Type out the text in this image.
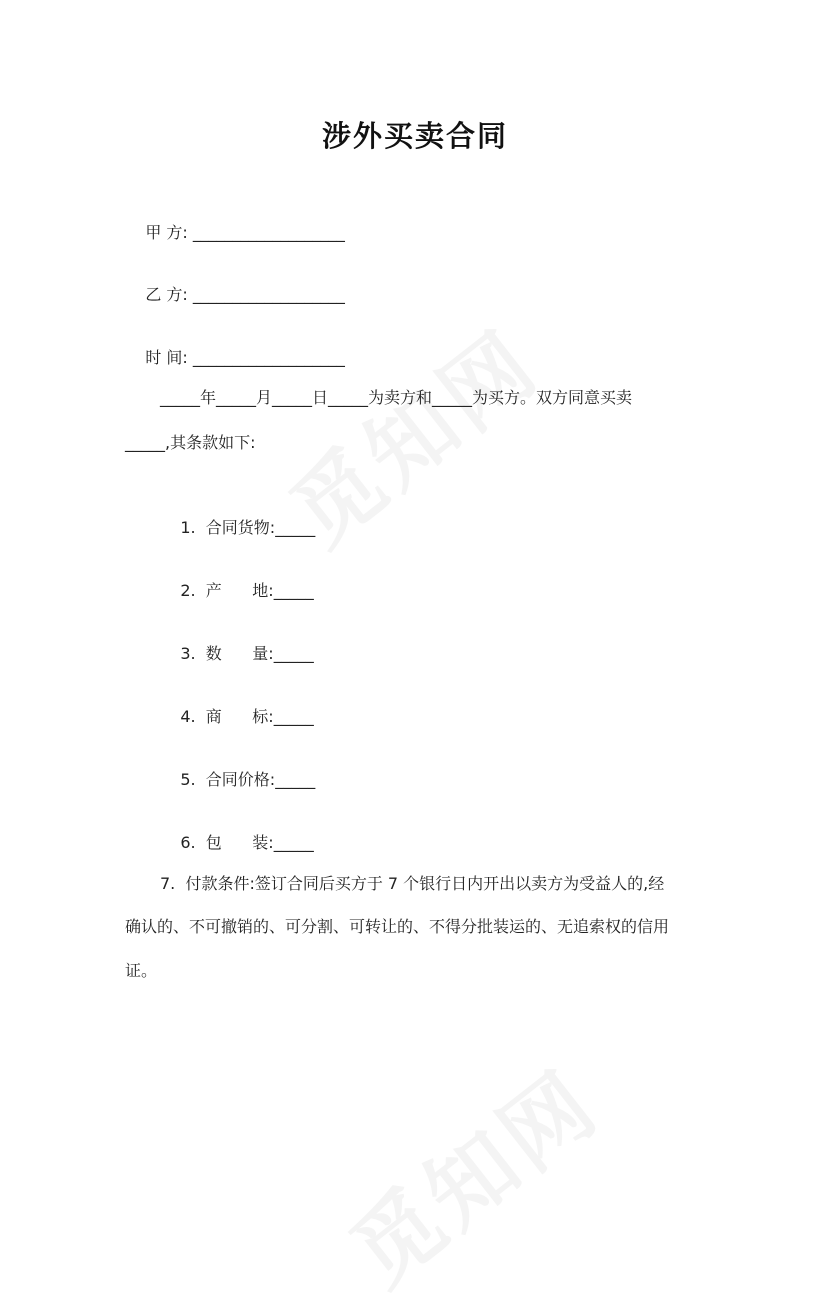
涉外买卖合同

甲 方: ___________________

乙 方: ___________________

时 间: ___________________

_____年_____月_____日_____为卖方和_____为买方。双方同意买卖
_____,其条款如下:

1. 合同货物:_____

2. 产      地:_____

3. 数      量:_____

4. 商      标:_____

5. 合同价格:_____

6. 包      装:_____

7.  付款条件:签订合同后买方于 7 个银行日内开出以卖方为受益人的,经
确认的、不可撤销的、可分割、可转让的、不得分批装运的、无追索权的信用
证。
